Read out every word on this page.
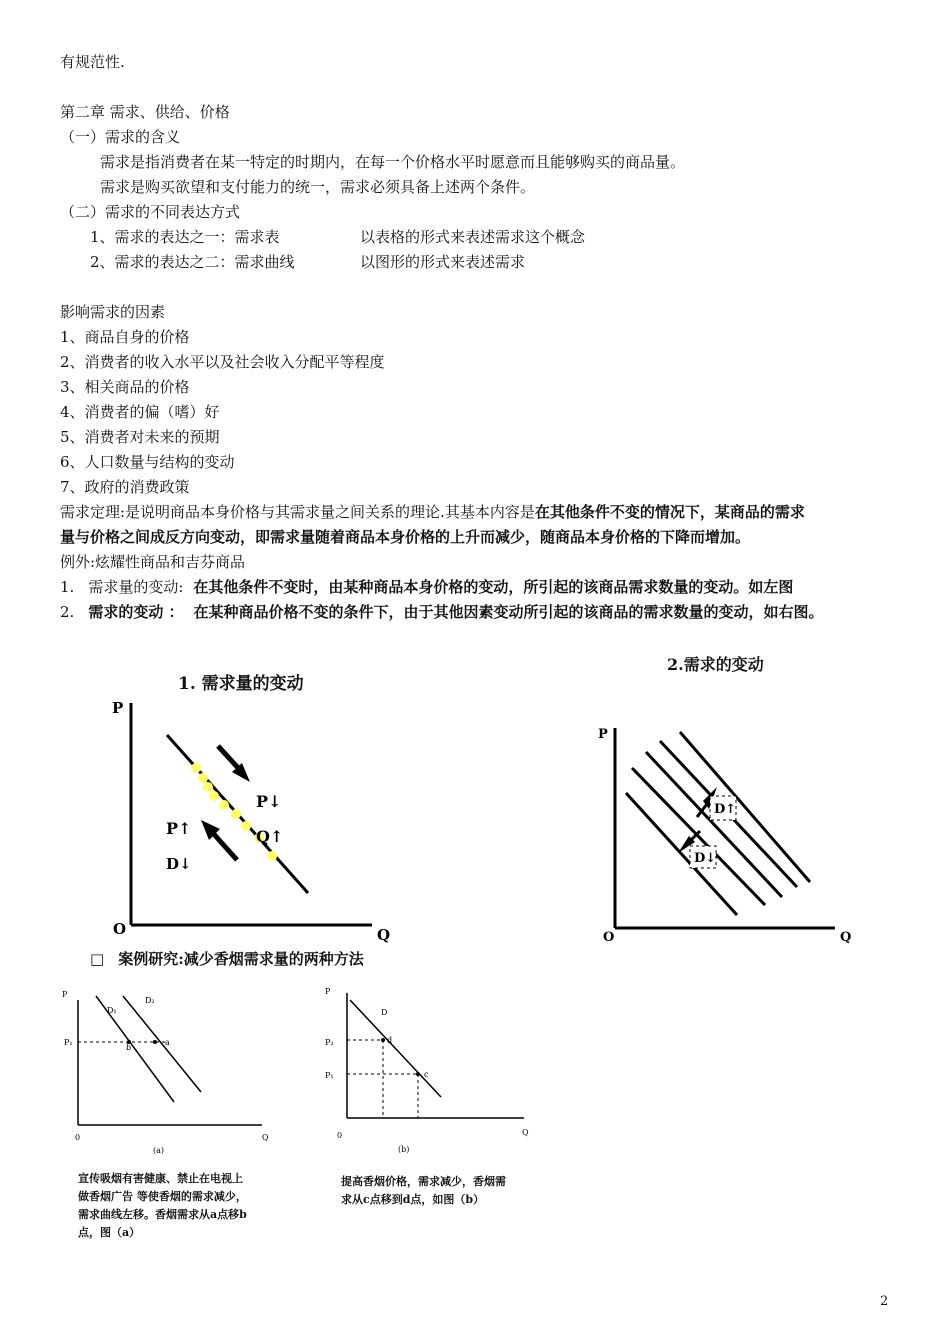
有规范性.
第二章 需求、供给、价格
（一）需求的含义
需求是指消费者在某一特定的时期内，在每一个价格水平时愿意而且能够购买的商品量。
需求是购买欲望和支付能力的统一，需求必须具备上述两个条件。
（二）需求的不同表达方式
1、需求的表达之一：需求表	以表格的形式来表述需求这个概念
2、需求的表达之二：需求曲线	以图形的形式来表述需求
影响需求的因素
1、商品自身的价格
2、消费者的收入水平以及社会收入分配平等程度
3、相关商品的价格
4、消费者的偏（嗜）好
5、消费者对未来的预期
6、人口数量与结构的变动
7、政府的消费政策
需求定理:是说明商品本身价格与其需求量之间关系的理论.其基本内容是在其他条件不变的情况下，某商品的需求
量与价格之间成反方向变动，即需求量随着商品本身价格的上升而减少，随商品本身价格的下降而增加。
例外:炫耀性商品和吉芬商品
1. 需求量的变动: 在其他条件不变时，由某种商品本身价格的变动，所引起的该商品需求数量的变动。如左图
2. 需求的变动 ： 在某种商品价格不变的条件下，由于其他因素变动所引起的该商品的需求数量的变动，如右图。
1. 需求量的变动
P
O	Q
P↓
Q↑
P↑
D↓
2.需求的变动
D↑
D↓
P
O	Q
□ 案例研究:减少香烟需求量的两种方法
P
D₁
D₂
P₁	a
b
0	Q
(a)
P
D
P₂
P₁
d
c
0	Q
(b)
宣传吸烟有害健康、禁止在电视上
做香烟广告 等使香烟的需求减少，
需求曲线左移。香烟需求从a点移b
点，图（a）
提高香烟价格，需求减少，香烟需
求从c点移到d点，如图（b）
2
